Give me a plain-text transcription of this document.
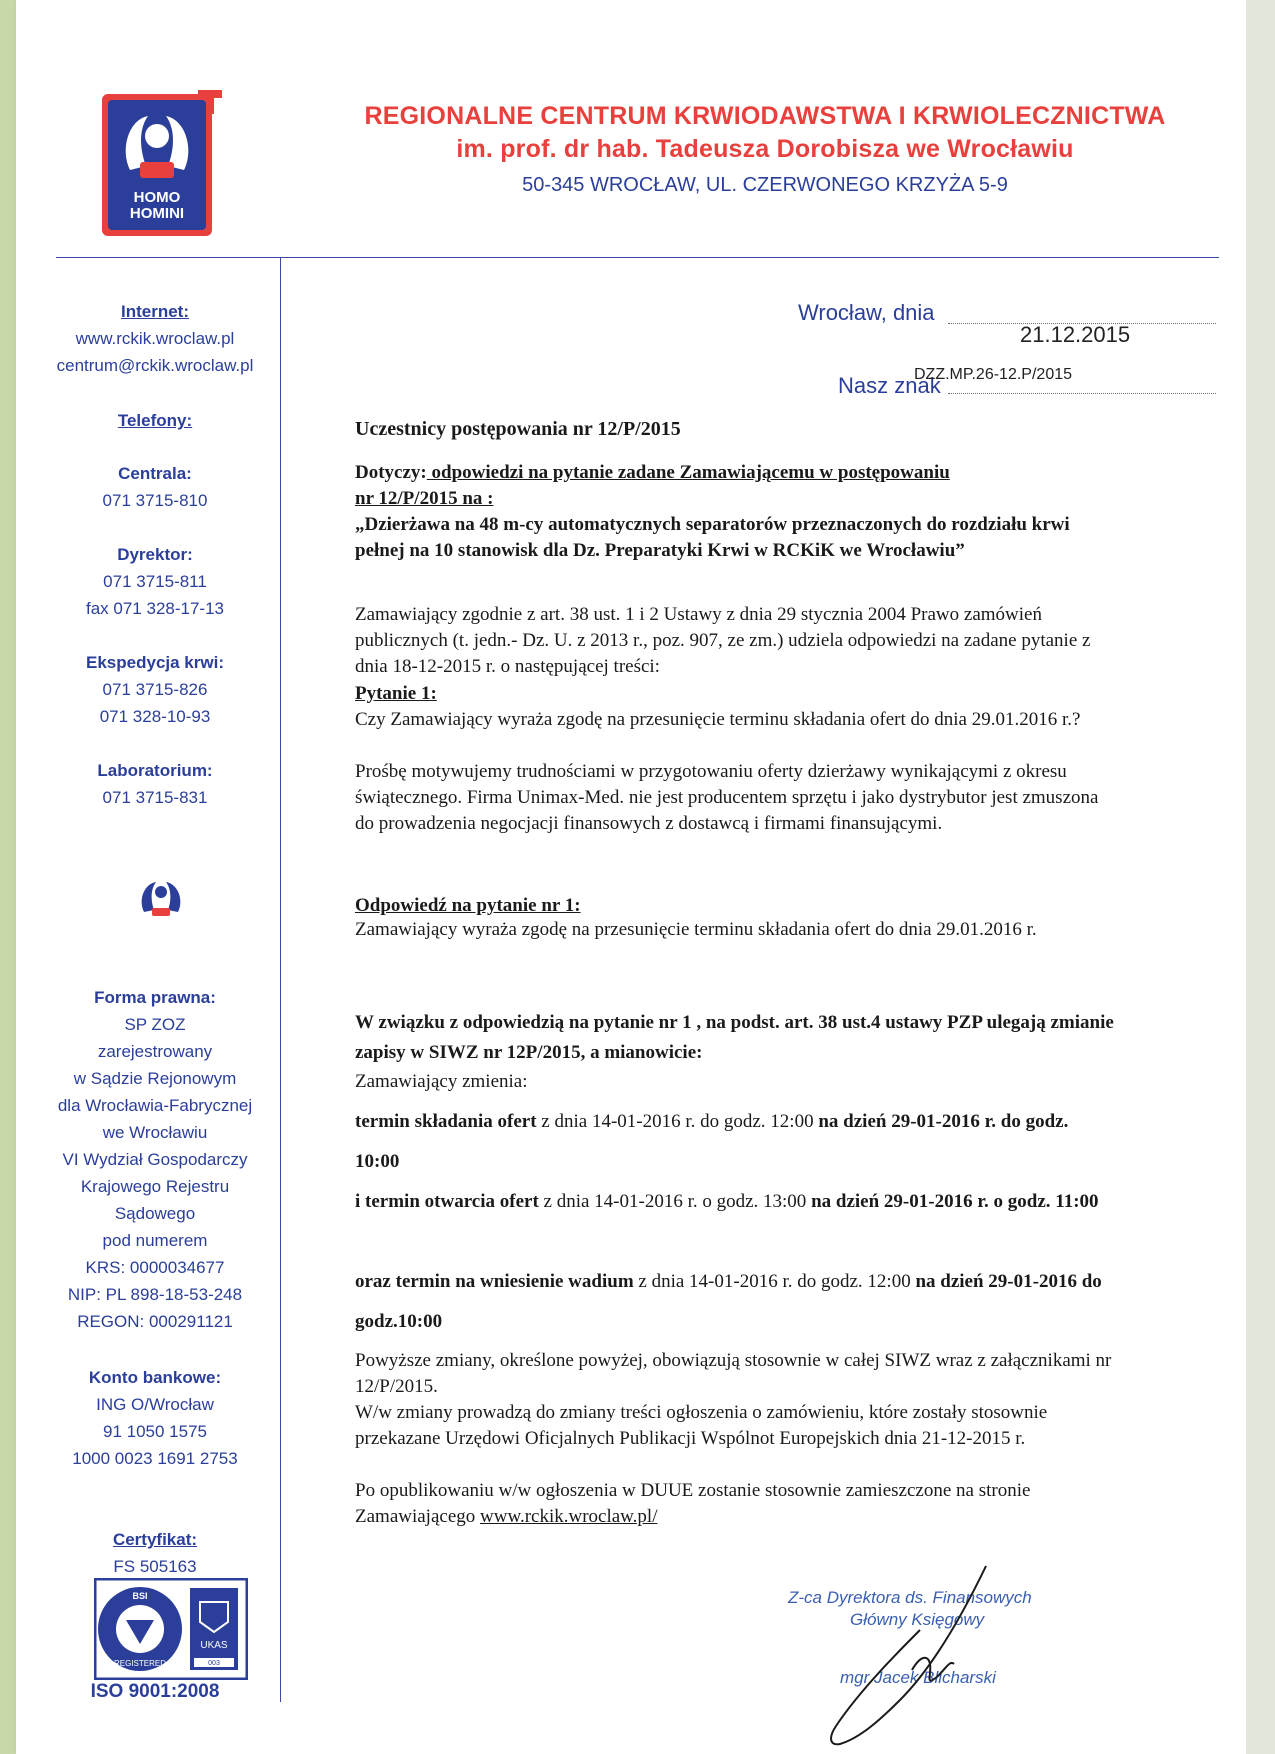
HOMO
HOMINI
REGIONALNE CENTRUM KRWIODAWSTWA I KRWIOLECZNICTWA
im. prof. dr hab. Tadeusza Dorobisza we Wrocławiu
50-345 WROCŁAW, UL. CZERWONEGO KRZYŻA 5-9
Internet:
www.rckik.wroclaw.pl
centrum@rckik.wroclaw.pl
Telefony:
Centrala:
071 3715-810
Dyrektor:
071 3715-811
fax 071 328-17-13
Ekspedycja krwi:
071 3715-826
071 328-10-93
Laboratorium:
071 3715-831
Forma prawna:
SP ZOZ
zarejestrowany
w Sądzie Rejonowym
dla Wrocławia-Fabrycznej
we Wrocławiu
VI Wydział Gospodarczy
Krajowego Rejestru
Sądowego
pod numerem
KRS: 0000034677
NIP: PL 898-18-53-248
REGON: 000291121
Konto bankowe:
ING O/Wrocław
91 1050 1575
1000 0023 1691 2753
Certyfikat:
FS 505163
BSI
REGISTERED
UKAS
003
ISO 9001:2008
Wrocław, dnia
21.12.2015
Nasz znak
DZZ.MP.26-12.P/2015
Uczestnicy postępowania nr 12/P/2015
Dotyczy: odpowiedzi na pytanie zadane Zamawiającemu w postępowaniu
nr 12/P/2015 na :
„Dzierżawa na 48 m-cy automatycznych separatorów przeznaczonych do rozdziału krwi pełnej na 10 stanowisk dla Dz. Preparatyki Krwi w RCKiK we Wrocławiu”
Zamawiający zgodnie z art. 38 ust. 1 i 2 Ustawy z dnia 29 stycznia 2004 Prawo zamówień publicznych (t. jedn.- Dz. U. z 2013 r., poz. 907, ze zm.) udziela odpowiedzi na zadane pytanie z dnia 18-12-2015 r. o następującej treści:
Pytanie 1:
Czy Zamawiający wyraża zgodę na przesunięcie terminu składania ofert do dnia 29.01.2016 r.?
Prośbę motywujemy trudnościami w przygotowaniu oferty dzierżawy wynikającymi z okresu świątecznego. Firma Unimax-Med. nie jest producentem sprzętu i jako dystrybutor jest zmuszona do prowadzenia negocjacji finansowych z dostawcą i firmami finansującymi.
Odpowiedź na pytanie nr 1:
Zamawiający wyraża zgodę na przesunięcie terminu składania ofert do dnia 29.01.2016 r.
W związku z odpowiedzią na pytanie nr 1 , na podst. art. 38 ust.4 ustawy PZP ulegają zmianie zapisy w SIWZ nr 12P/2015, a mianowicie:
Zamawiający zmienia:
termin składania ofert z dnia 14-01-2016 r. do godz. 12:00 na dzień 29-01-2016 r. do godz. 10:00
i termin otwarcia ofert z dnia 14-01-2016 r. o godz. 13:00 na dzień 29-01-2016 r. o godz. 11:00
oraz termin na wniesienie wadium z dnia 14-01-2016 r. do godz. 12:00 na dzień 29-01-2016 do godz.10:00
Powyższe zmiany, określone powyżej, obowiązują stosownie w całej SIWZ wraz z załącznikami nr 12/P/2015.
W/w zmiany prowadzą do zmiany treści ogłoszenia o zamówieniu, które zostały stosownie przekazane Urzędowi Oficjalnych Publikacji Wspólnot Europejskich dnia 21-12-2015 r.
Po opublikowaniu w/w ogłoszenia w DUUE zostanie stosownie zamieszczone na stronie Zamawiającego www.rckik.wroclaw.pl/
Z-ca Dyrektora ds. Finansowych
Główny Księgowy
mgr Jacek Blicharski
